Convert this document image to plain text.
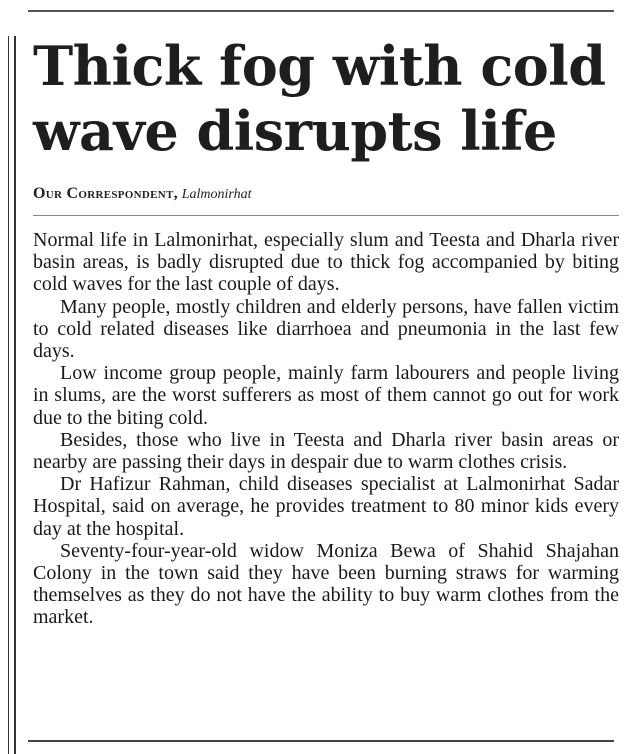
Thick fog with cold wave disrupts life
Our Correspondent, Lalmonirhat

Normal life in Lalmonirhat, especially slum and Teesta and Dharla river basin areas, is badly disrupted due to thick fog accompanied by biting cold waves for the last couple of days.

Many people, mostly children and elderly persons, have fallen victim to cold related diseases like diarrhoea and pneumonia in the last few days.

Low income group people, mainly farm labourers and people living in slums, are the worst sufferers as most of them cannot go out for work due to the biting cold.

Besides, those who live in Teesta and Dharla river basin areas or nearby are passing their days in despair due to warm clothes crisis.

Dr Hafizur Rahman, child diseases specialist at Lalmonirhat Sadar Hospital, said on average, he provides treatment to 80 minor kids every day at the hospital.

Seventy-four-year-old widow Moniza Bewa of Shahid Shajahan Colony in the town said they have been burning straws for warming themselves as they do not have the ability to buy warm clothes from the market.
